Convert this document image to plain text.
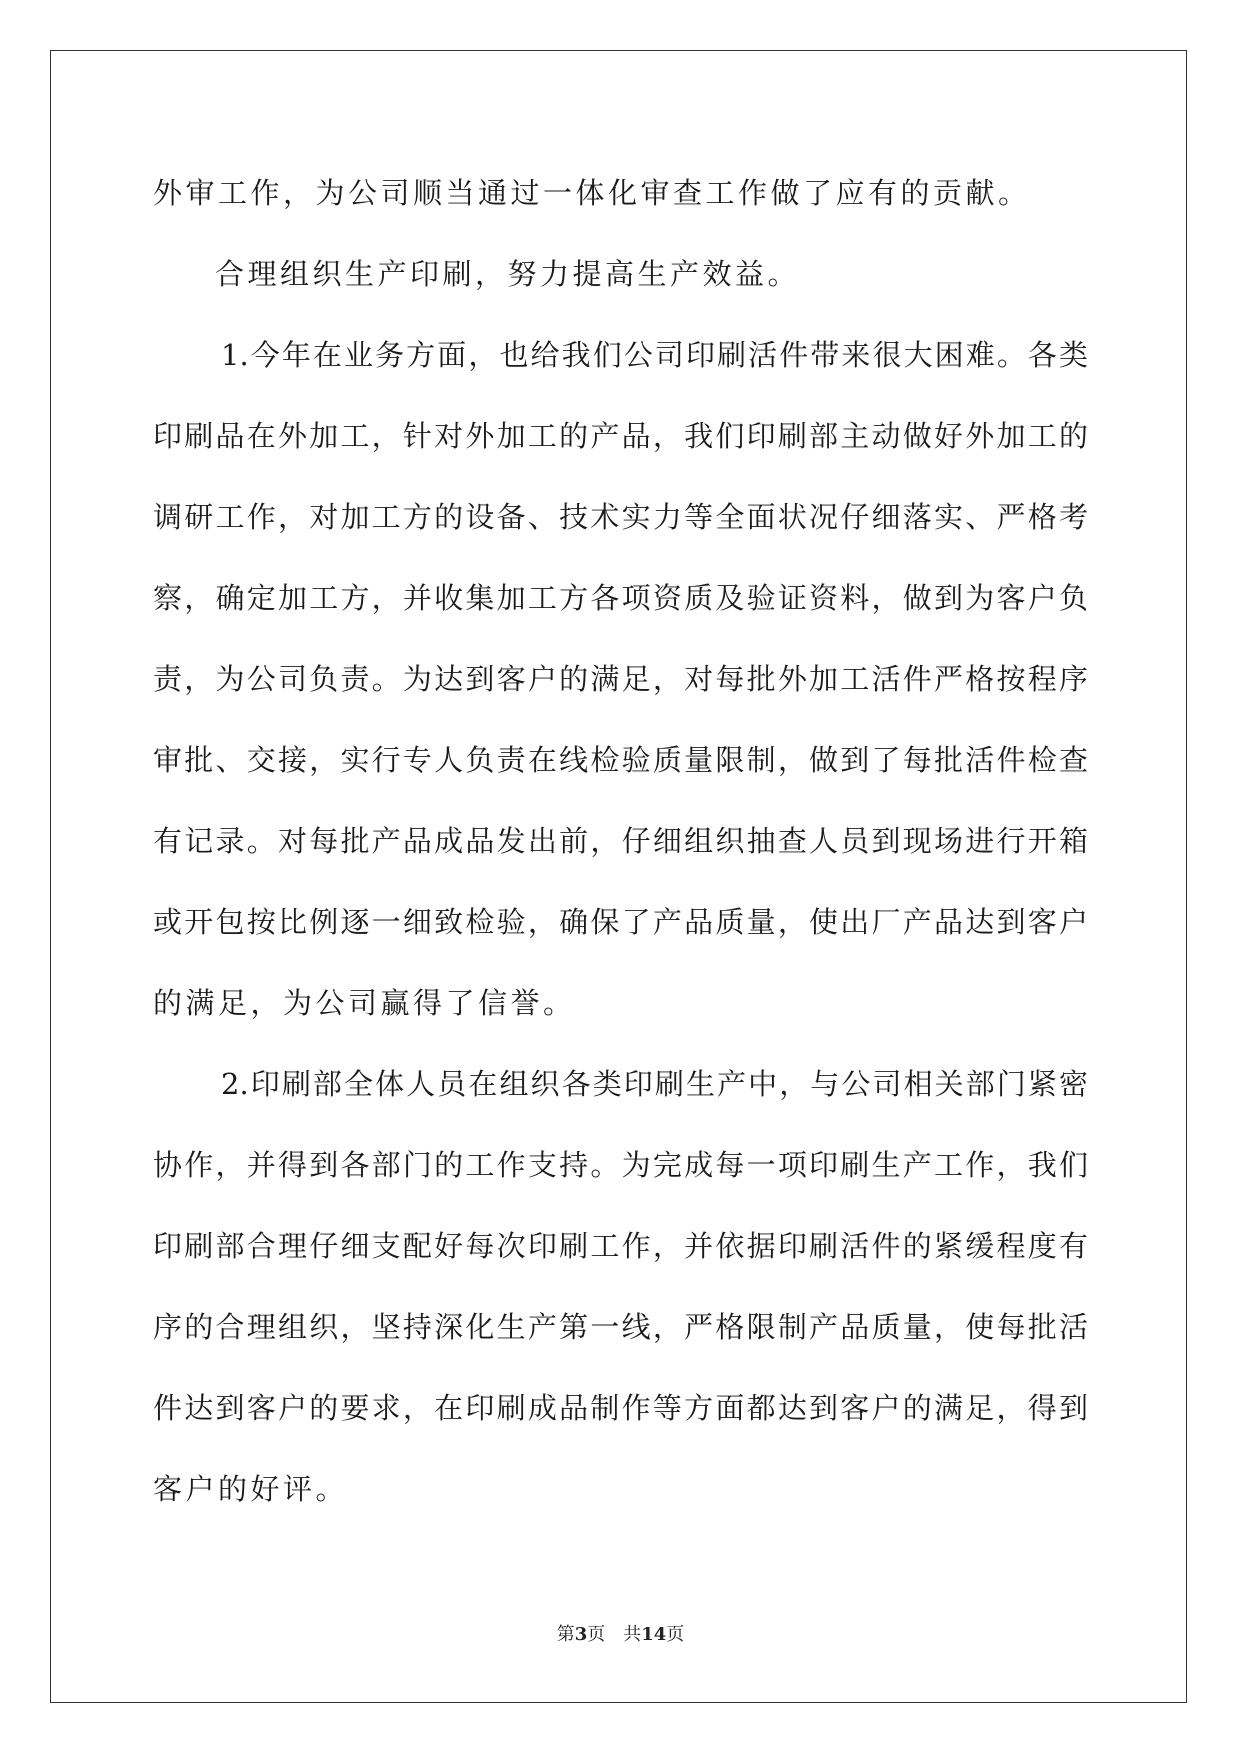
外审工作，为公司顺当通过一体化审查工作做了应有的贡献。
合理组织生产印刷，努力提高生产效益。
1.今年在业务方面，也给我们公司印刷活件带来很大困难。各类
印刷品在外加工，针对外加工的产品，我们印刷部主动做好外加工的
调研工作，对加工方的设备、技术实力等全面状况仔细落实、严格考
察，确定加工方，并收集加工方各项资质及验证资料，做到为客户负
责，为公司负责。为达到客户的满足，对每批外加工活件严格按程序
审批、交接，实行专人负责在线检验质量限制，做到了每批活件检查
有记录。对每批产品成品发出前，仔细组织抽查人员到现场进行开箱
或开包按比例逐一细致检验，确保了产品质量，使出厂产品达到客户
的满足，为公司赢得了信誉。
2.印刷部全体人员在组织各类印刷生产中，与公司相关部门紧密
协作，并得到各部门的工作支持。为完成每一项印刷生产工作，我们
印刷部合理仔细支配好每次印刷工作，并依据印刷活件的紧缓程度有
序的合理组织，坚持深化生产第一线，严格限制产品质量，使每批活
件达到客户的要求，在印刷成品制作等方面都达到客户的满足，得到
客户的好评。
第3页 共14页
